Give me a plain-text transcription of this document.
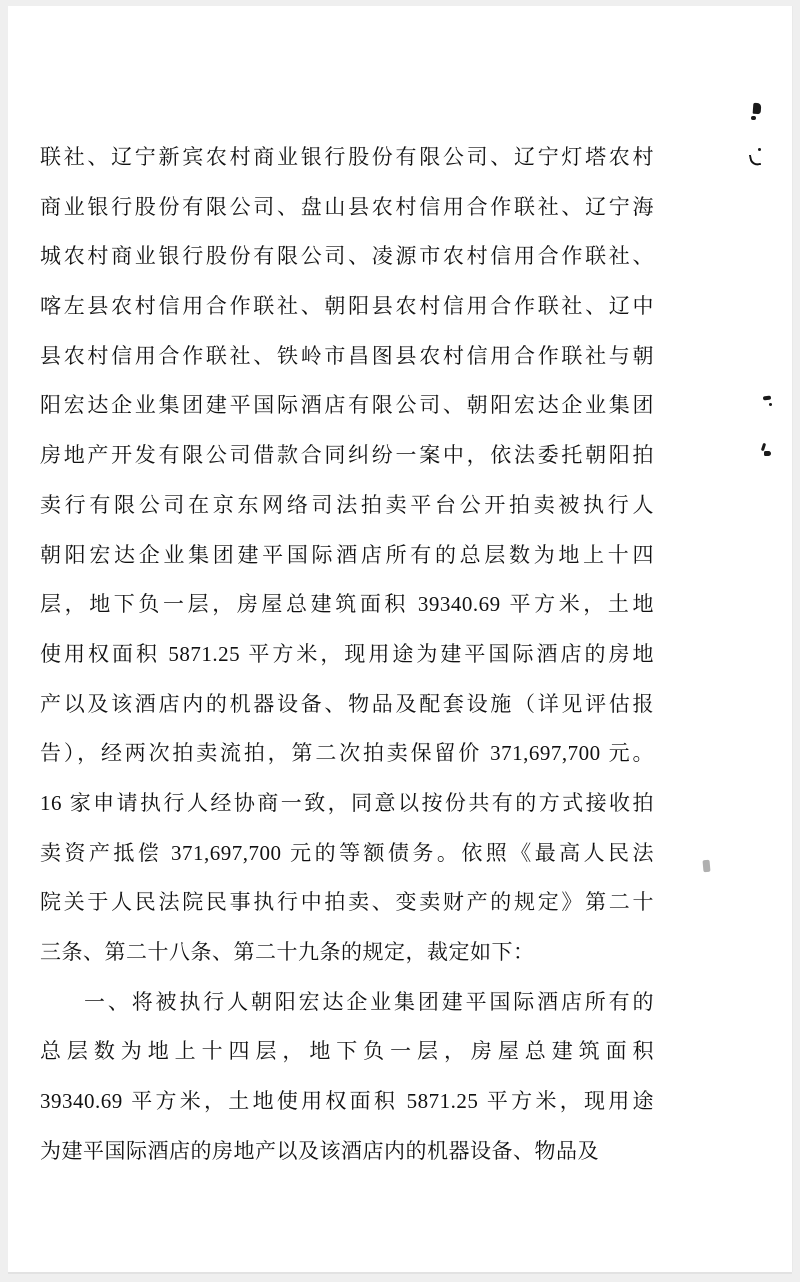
联社、辽宁新宾农村商业银行股份有限公司、辽宁灯塔农村
商业银行股份有限公司、盘山县农村信用合作联社、辽宁海
城农村商业银行股份有限公司、凌源市农村信用合作联社、
喀左县农村信用合作联社、朝阳县农村信用合作联社、辽中
县农村信用合作联社、铁岭市昌图县农村信用合作联社与朝
阳宏达企业集团建平国际酒店有限公司、朝阳宏达企业集团
房地产开发有限公司借款合同纠纷一案中，依法委托朝阳拍
卖行有限公司在京东网络司法拍卖平台公开拍卖被执行人
朝阳宏达企业集团建平国际酒店所有的总层数为地上十四
层，地下负一层，房屋总建筑面积 39340.69 平方米，土地
使用权面积 5871.25 平方米，现用途为建平国际酒店的房地
产以及该酒店内的机器设备、物品及配套设施（详见评估报
告），经两次拍卖流拍，第二次拍卖保留价 371,697,700 元。
16 家申请执行人经协商一致，同意以按份共有的方式接收拍
卖资产抵偿 371,697,700 元的等额债务。依照《最高人民法
院关于人民法院民事执行中拍卖、变卖财产的规定》第二十
三条、第二十八条、第二十九条的规定，裁定如下：
一、将被执行人朝阳宏达企业集团建平国际酒店所有的
总层数为地上十四层，地下负一层，房屋总建筑面积
39340.69 平方米，土地使用权面积 5871.25 平方米，现用途
为建平国际酒店的房地产以及该酒店内的机器设备、物品及
